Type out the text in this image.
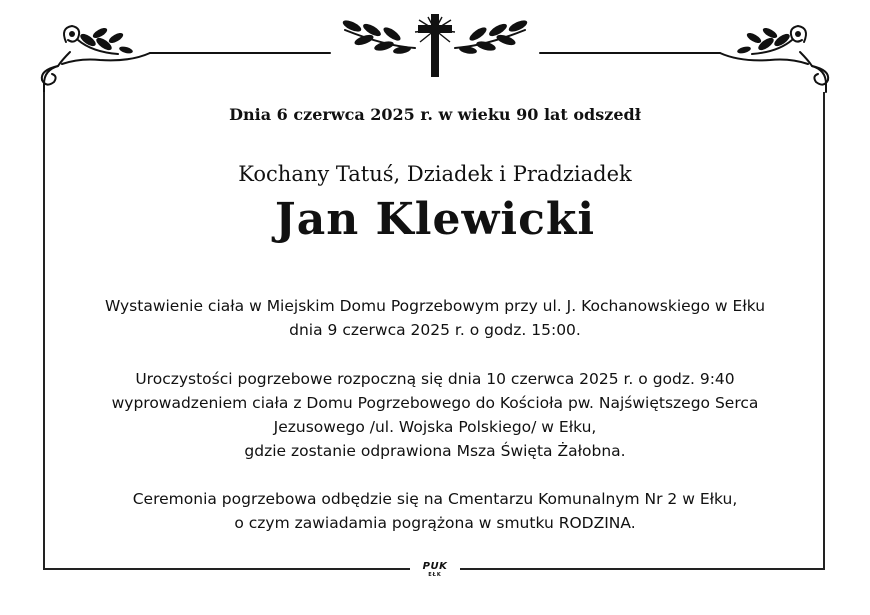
PUK
EŁK
Dnia 6 czerwca 2025 r. w wieku 90 lat odszedł
Kochany Tatuś, Dziadek i Pradziadek
Jan Klewicki
Wystawienie ciała w Miejskim Domu Pogrzebowym przy ul. J. Kochanowskiego w Ełku
dnia 9 czerwca 2025 r. o godz. 15:00.
Uroczystości pogrzebowe rozpoczną się dnia 10 czerwca 2025 r. o godz. 9:40
wyprowadzeniem ciała z Domu Pogrzebowego do Kościoła pw. Najświętszego Serca
Jezusowego /ul. Wojska Polskiego/ w Ełku,
gdzie zostanie odprawiona Msza Święta Żałobna.
Ceremonia pogrzebowa odbędzie się na Cmentarzu Komunalnym Nr 2 w Ełku,
o czym zawiadamia pogrążona w smutku RODZINA.
